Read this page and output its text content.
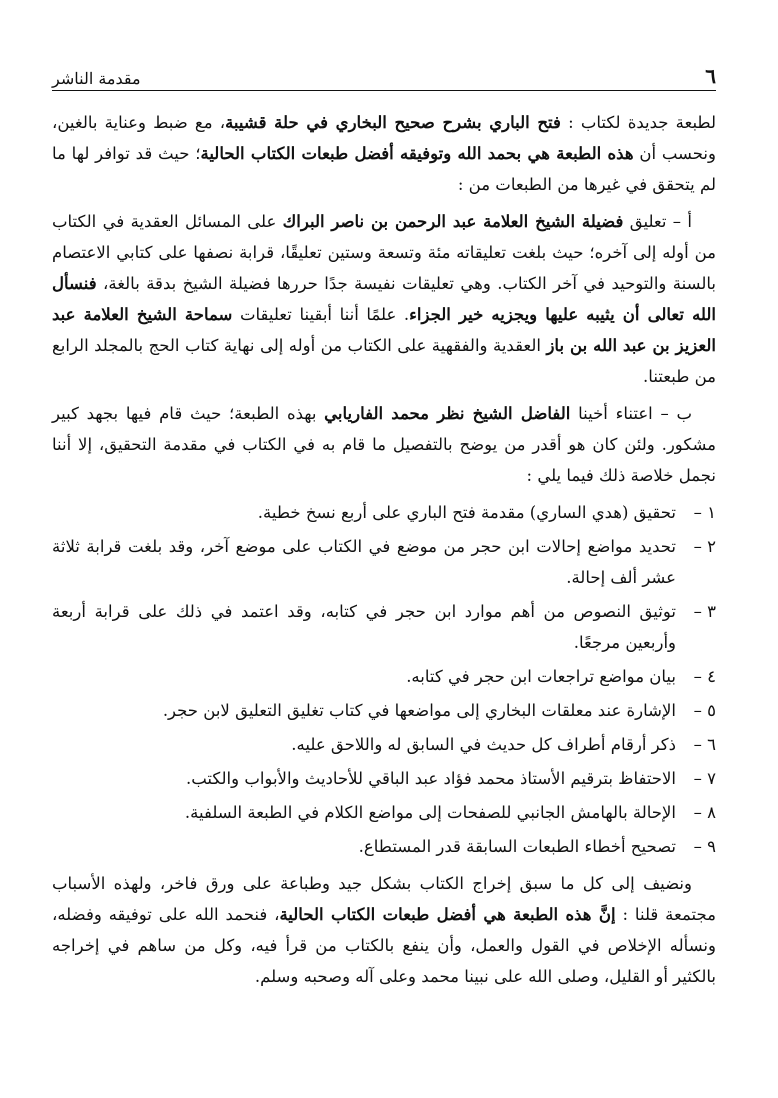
٦
مقدمة الناشر

لطبعة جديدة لكتاب : فتح الباري بشرح صحيح البخاري في حلة قشيبة، مع ضبط وعناية بالغين، ونحسب أن هذه الطبعة هي بحمد الله وتوفيقه أفضل طبعات الكتاب الحالية؛ حيث قد توافر لها ما لم يتحقق في غيرها من الطبعات من :

أ – تعليق فضيلة الشيخ العلامة عبد الرحمن بن ناصر البراك على المسائل العقدية في الكتاب من أوله إلى آخره؛ حيث بلغت تعليقاته مئة وتسعة وستين تعليقًا، قرابة نصفها على كتابي الاعتصام بالسنة والتوحيد في آخر الكتاب. وهي تعليقات نفيسة جدًا حررها فضيلة الشيخ بدقة بالغة، فنسأل الله تعالى أن يثيبه عليها ويجزيه خير الجزاء. علمًا أننا أبقينا تعليقات سماحة الشيخ العلامة عبد العزيز بن عبد الله بن باز العقدية والفقهية على الكتاب من أوله إلى نهاية كتاب الحج بالمجلد الرابع من طبعتنا.

ب – اعتناء أخينا الفاضل الشيخ نظر محمد الفاريابي بهذه الطبعة؛ حيث قام فيها بجهد كبير مشكور. ولئن كان هو أقدر من يوضح بالتفصيل ما قام به في الكتاب في مقدمة التحقيق، إلا أننا نجمل خلاصة ذلك فيما يلي :

١ –
تحقيق (هدي الساري) مقدمة فتح الباري على أربع نسخ خطية.
٢ –
تحديد مواضع إحالات ابن حجر من موضع في الكتاب على موضع آخر، وقد بلغت قرابة ثلاثة عشر ألف إحالة.
٣ –
توثيق النصوص من أهم موارد ابن حجر في كتابه، وقد اعتمد في ذلك على قرابة أربعة وأربعين مرجعًا.
٤ –
بيان مواضع تراجعات ابن حجر في كتابه.
٥ –
الإشارة عند معلقات البخاري إلى مواضعها في كتاب تغليق التعليق لابن حجر.
٦ –
ذكر أرقام أطراف كل حديث في السابق له واللاحق عليه.
٧ –
الاحتفاظ بترقيم الأستاذ محمد فؤاد عبد الباقي للأحاديث والأبواب والكتب.
٨ –
الإحالة بالهامش الجانبي للصفحات إلى مواضع الكلام في الطبعة السلفية.
٩ –
تصحيح أخطاء الطبعات السابقة قدر المستطاع.

ونضيف إلى كل ما سبق إخراج الكتاب بشكل جيد وطباعة على ورق فاخر، ولهذه الأسباب مجتمعة قلنا : إنَّ هذه الطبعة هي أفضل طبعات الكتاب الحالية، فنحمد الله على توفيقه وفضله، ونسأله الإخلاص في القول والعمل، وأن ينفع بالكتاب من قرأ فيه، وكل من ساهم في إخراجه بالكثير أو القليل، وصلى الله على نبينا محمد وعلى آله وصحبه وسلم.
